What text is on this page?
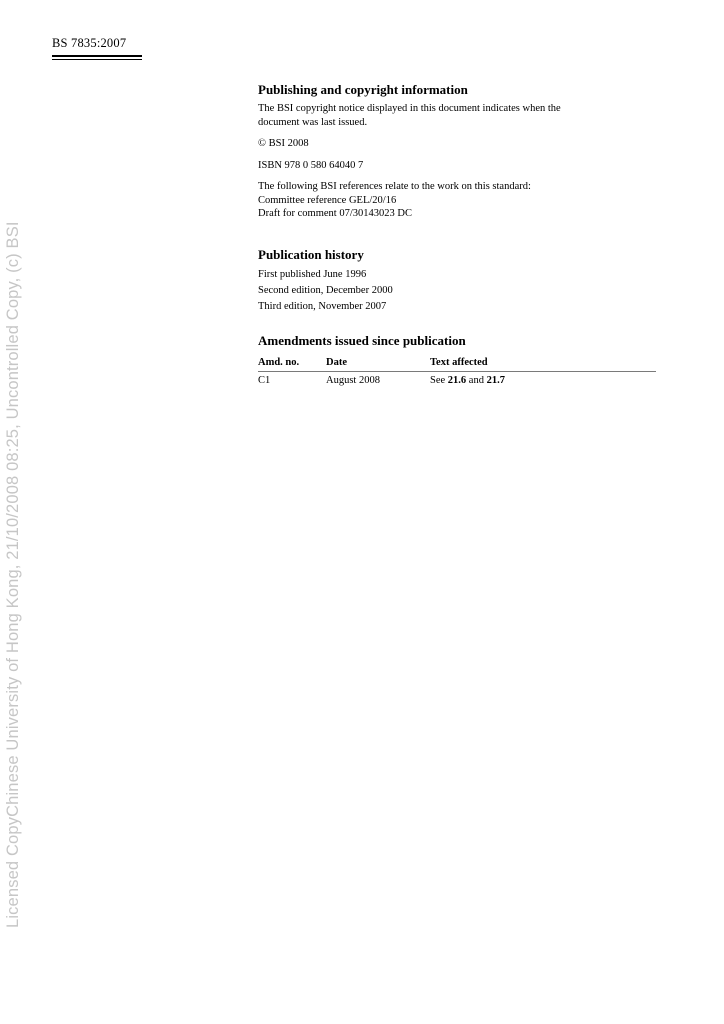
BS 7835:2007
Licensed CopyChinese University of Hong Kong, 21/10/2008 08:25, Uncontrolled Copy, (c) BSI
Publishing and copyright information

The BSI copyright notice displayed in this document indicates when the
document was last issued.

© BSI 2008

ISBN 978 0 580 64040 7

The following BSI references relate to the work on this standard:
Committee reference GEL/20/16
Draft for comment 07/30143023 DC

Publication history
First published June 1996
Second edition, December 2000
Third edition, November 2007
Amendments issued since publication
Amd. no.	Date	Text affected
C1	August 2008	See 21.6 and 21.7
